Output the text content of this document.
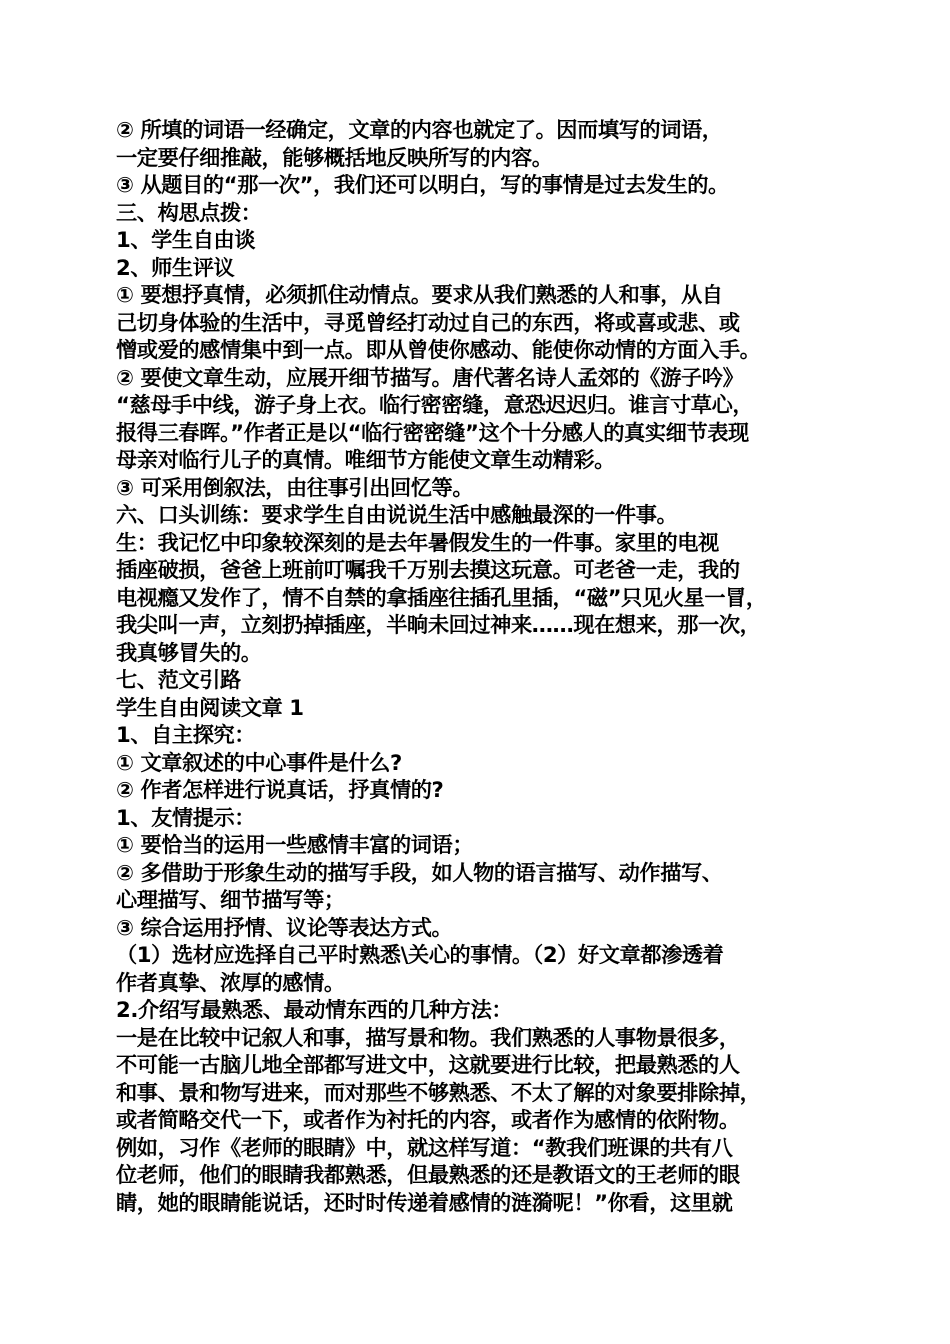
② 所填的词语一经确定，文章的内容也就定了。因而填写的词语，
一定要仔细推敲，能够概括地反映所写的内容。
③ 从题目的“那一次”，我们还可以明白，写的事情是过去发生的。
三、构思点拨：
1、学生自由谈
2、师生评议
① 要想抒真情，必须抓住动情点。要求从我们熟悉的人和事，从自
己切身体验的生活中，寻觅曾经打动过自己的东西，将或喜或悲、或
憎或爱的感情集中到一点。即从曾使你感动、能使你动情的方面入手。
② 要使文章生动，应展开细节描写。唐代著名诗人孟郊的《游子吟》
“慈母手中线，游子身上衣。临行密密缝，意恐迟迟归。谁言寸草心，
报得三春晖。”作者正是以“临行密密缝”这个十分感人的真实细节表现
母亲对临行儿子的真情。唯细节方能使文章生动精彩。
③ 可采用倒叙法，由往事引出回忆等。
六、口头训练：要求学生自由说说生活中感触最深的一件事。
生：我记忆中印象较深刻的是去年暑假发生的一件事。家里的电视
插座破损，爸爸上班前叮嘱我千万别去摸这玩意。可老爸一走，我的
电视瘾又发作了，情不自禁的拿插座往插孔里插，“磁”只见火星一冒，
我尖叫一声，立刻扔掉插座，半晌未回过神来……现在想来，那一次，
我真够冒失的。
七、范文引路
学生自由阅读文章 1
1、自主探究：
① 文章叙述的中心事件是什么?
② 作者怎样进行说真话，抒真情的?
1、友情提示：
① 要恰当的运用一些感情丰富的词语；
② 多借助于形象生动的描写手段，如人物的语言描写、动作描写、
心理描写、细节描写等；
③ 综合运用抒情、议论等表达方式。
（1）选材应选择自己平时熟悉\关心的事情。（2）好文章都渗透着
作者真挚、浓厚的感情。
2.介绍写最熟悉、最动情东西的几种方法：
一是在比较中记叙人和事，描写景和物。我们熟悉的人事物景很多，
不可能一古脑儿地全部都写进文中，这就要进行比较，把最熟悉的人
和事、景和物写进来，而对那些不够熟悉、不太了解的对象要排除掉，
或者简略交代一下，或者作为衬托的内容，或者作为感情的依附物。
例如，习作《老师的眼睛》中，就这样写道：“教我们班课的共有八
位老师，他们的眼睛我都熟悉，但最熟悉的还是教语文的王老师的眼
睛，她的眼睛能说话，还时时传递着感情的涟漪呢！”你看，这里就
